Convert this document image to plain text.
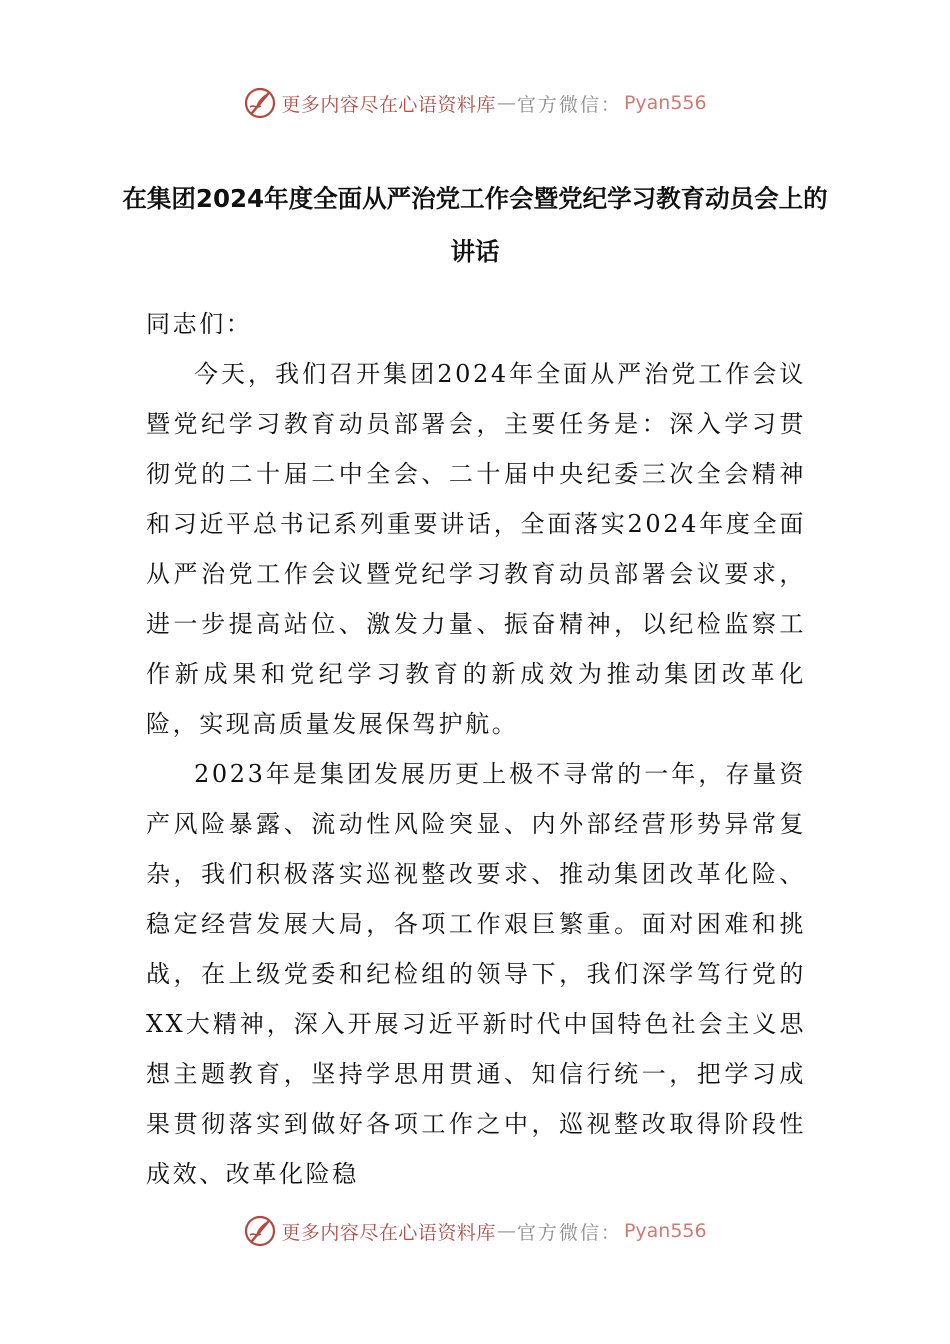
更多内容尽在心语资料库 — 官方微信： Pyan556
在集团2024年度全面从严治党工作会暨党纪学习教育动员会上的讲话

同志们：

今天，我们召开集团2024年全面从严治党工作会议暨党纪学习教育动员部署会，主要任务是：深入学习贯彻党的二十届二中全会、二十届中央纪委三次全会精神和习近平总书记系列重要讲话，全面落实2024年度全面从严治党工作会议暨党纪学习教育动员部署会议要求，进一步提高站位、激发力量、振奋精神，以纪检监察工作新成果和党纪学习教育的新成效为推动集团改革化险，实现高质量发展保驾护航。

2023年是集团发展历更上极不寻常的一年，存量资产风险暴露、流动性风险突显、内外部经营形势异常复杂，我们积极落实巡视整改要求、推动集团改革化险、稳定经营发展大局，各项工作艰巨繁重。面对困难和挑战，在上级党委和纪检组的领导下，我们深学笃行党的XX大精神，深入开展习近平新时代中国特色社会主义思想主题教育，坚持学思用贯通、知信行统一，把学习成果贯彻落实到做好各项工作之中，巡视整改取得阶段性成效、改革化险稳

更多内容尽在心语资料库 — 官方微信： Pyan556
